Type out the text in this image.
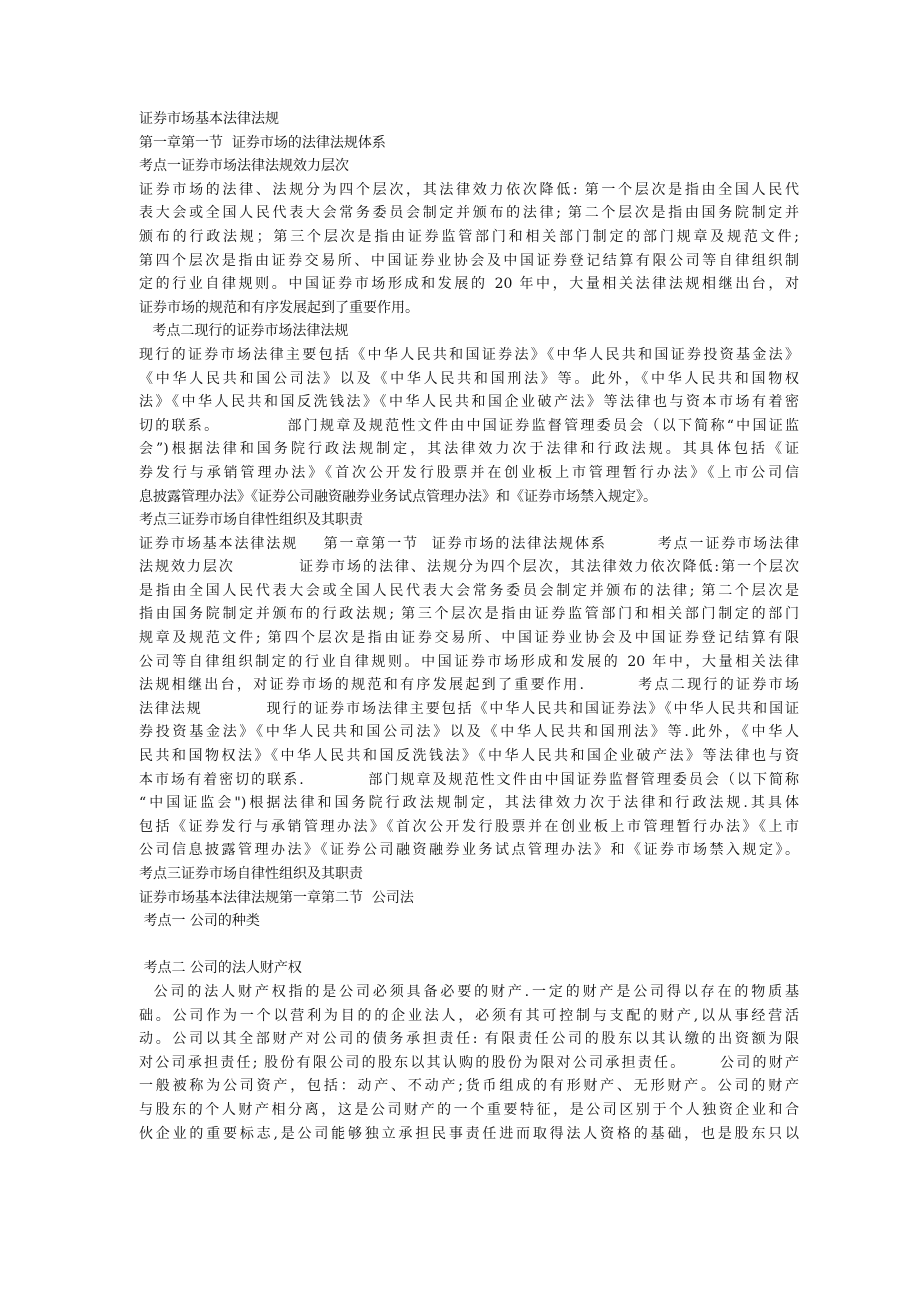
证券市场基本法律法规
第一章第一节  证券市场的法律法规体系
考点一证券市场法律法规效力层次
证券市场的法律、法规分为四个层次，其法律效力依次降低: 第一个层次是指由全国人民代
表大会或全国人民代表大会常务委员会制定并颁布的法律; 第二个层次是指由国务院制定并
颁布的行政法规；第三个层次是指由证券监管部门和相关部门制定的部门规章及规范文件;
第四个层次是指由证券交易所、中国证券业协会及中国证券登记结算有限公司等自律组织制
定的行业自律规则。中国证券市场形成和发展的 20 年中，大量相关法律法规相继出台，对
证券市场的规范和有序发展起到了重要作用。
考点二现行的证券市场法律法规
现行的证券市场法律主要包括《中华人民共和国证券法》《中华人民共和国证券投资基金法》
《中华人民共和国公司法》以及《中华人民共和国刑法》等。此外，《中华人民共和国物权
法》《中华人民共和国反洗钱法》《中华人民共和国企业破产法》等法律也与资本市场有着密
切的联系。          部门规章及规范性文件由中国证券监督管理委员会（以下简称“中国证监
会”)根据法律和国务院行政法规制定，其法律效力次于法律和行政法规。其具体包括《证
券发行与承销管理办法》《首次公开发行股票并在创业板上市管理暂行办法》《上市公司信
息披露管理办法》《证券公司融资融券业务试点管理办法》和《证券市场禁入规定》。
考点三证券市场自律性组织及其职责
证券市场基本法律法规    第一章第一节  证券市场的法律法规体系        考点一证券市场法律
法规效力层次          证券市场的法律、法规分为四个层次，其法律效力依次降低:第一个层次
是指由全国人民代表大会或全国人民代表大会常务委员会制定并颁布的法律; 第二个层次是
指由国务院制定并颁布的行政法规; 第三个层次是指由证券监管部门和相关部门制定的部门
规章及规范文件; 第四个层次是指由证券交易所、中国证券业协会及中国证券登记结算有限
公司等自律组织制定的行业自律规则。中国证券市场形成和发展的 20 年中，大量相关法律
法规相继出台，对证券市场的规范和有序发展起到了重要作用.        考点二现行的证券市场
法律法规          现行的证券市场法律主要包括《中华人民共和国证券法》《中华人民共和国证
券投资基金法》《中华人民共和国公司法》以及《中华人民共和国刑法》等.此外，《中华人
民共和国物权法》《中华人民共和国反洗钱法》《中华人民共和国企业破产法》等法律也与资
本市场有着密切的联系.          部门规章及规范性文件由中国证券监督管理委员会（以下简称
“中国证监会")根据法律和国务院行政法规制定，其法律效力次于法律和行政法规.其具体
包括《证券发行与承销管理办法》《首次公开发行股票并在创业板上市管理暂行办法》《上市
公司信息披露管理办法》《证券公司融资融券业务试点管理办法》和《证券市场禁入规定》。
考点三证券市场自律性组织及其职责
证券市场基本法律法规第一章第二节  公司法
考点一 公司的种类
考点二 公司的法人财产权
公司的法人财产权指的是公司必须具备必要的财产.一定的财产是公司得以存在的物质基
础。公司作为一个以营利为目的的企业法人，必须有其可控制与支配的财产,以从事经营活
动。公司以其全部财产对公司的债务承担责任: 有限责任公司的股东以其认缴的出资额为限
对公司承担责任; 股份有限公司的股东以其认购的股份为限对公司承担责任。     公司的财产
一般被称为公司资产，包括：动产、不动产;货币组成的有形财产、无形财产。公司的财产
与股东的个人财产相分离，这是公司财产的一个重要特征，是公司区别于个人独资企业和合
伙企业的重要标志,是公司能够独立承担民事责任进而取得法人资格的基础，也是股东只以
